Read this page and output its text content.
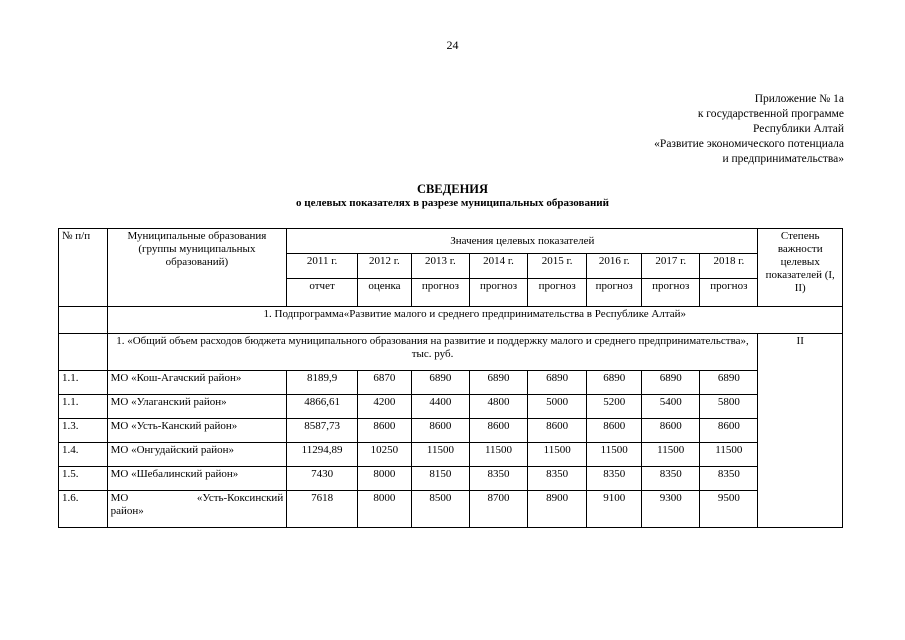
24
Приложение № 1а
к государственной программе
Республики Алтай
«Развитие экономического потенциала
и предпринимательства»
СВЕДЕНИЯ
о целевых показателях в разрезе муниципальных образований
№ п/п	Муниципальные образования (группы муниципальных образований)	Значения целевых показателей								Степень важности целевых показателей (I, II)
		2011 г.	2012 г.	2013 г.	2014 г.	2015 г.	2016 г.	2017 г.	2018 г.	
		отчет	оценка	прогноз	прогноз	прогноз	прогноз	прогноз	прогноз	
	1. Подпрограмма«Развитие малого и среднего предпринимательства в Республике Алтай»									
	1. «Общий объем расходов бюджета муниципального образования на развитие и поддержку малого и среднего предпринимательства», тыс. руб.									II
1.1.	МО «Кош-Агачский район»	8189,9	6870	6890	6890	6890	6890	6890	6890	
1.1.	МО «Улаганский район»	4866,61	4200	4400	4800	5000	5200	5400	5800	
1.3.	МО «Усть-Канский район»	8587,73	8600	8600	8600	8600	8600	8600	8600	
1.4.	МО «Онгудайский район»	11294,89	10250	11500	11500	11500	11500	11500	11500	
1.5.	МО «Шебалинский район»	7430	8000	8150	8350	8350	8350	8350	8350	
1.6.	МО «Усть-Коксинский
район»	7618	8000	8500	8700	8900	9100	9300	9500	
